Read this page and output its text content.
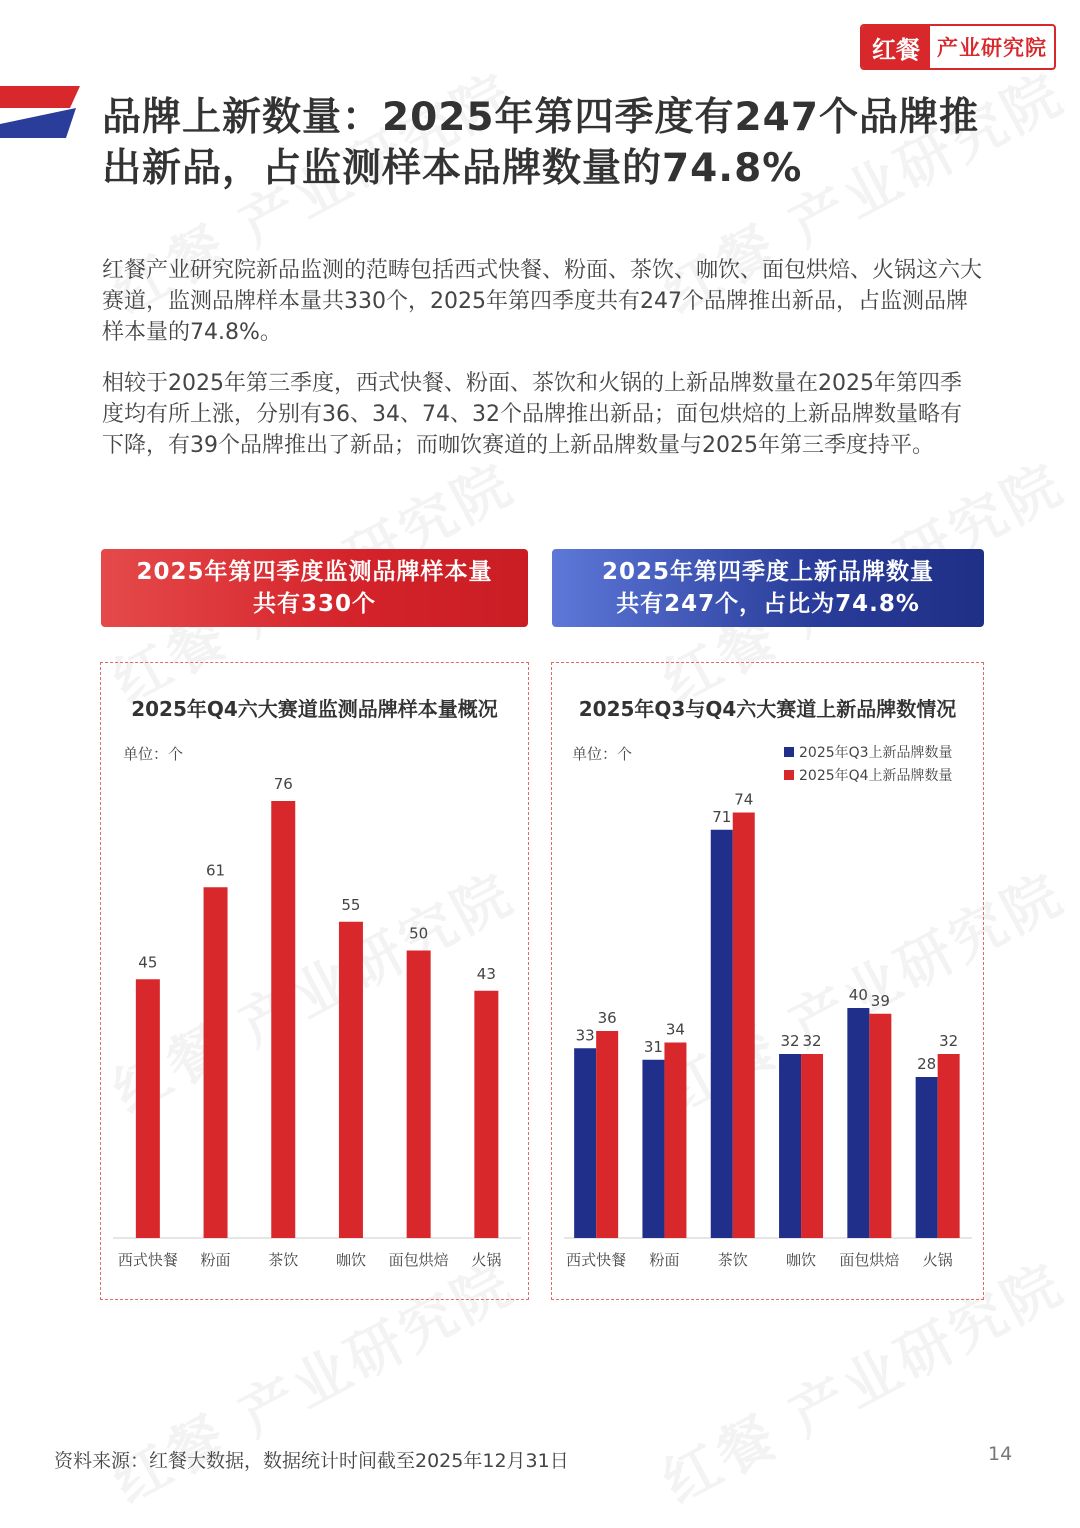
红餐 产业研究院
品牌上新数量：2025年第四季度有247个品牌推出新品，占监测样本品牌数量的74.8%

红餐产业研究院新品监测的范畴包括西式快餐、粉面、茶饮、咖饮、面包烘焙、火锅这六大赛道，监测品牌样本量共330个，2025年第四季度共有247个品牌推出新品，占监测品牌样本量的74.8%。

相较于2025年第三季度，西式快餐、粉面、茶饮和火锅的上新品牌数量在2025年第四季度均有所上涨，分别有36、34、74、32个品牌推出新品；面包烘焙的上新品牌数量略有下降，有39个品牌推出了新品；而咖饮赛道的上新品牌数量与2025年第三季度持平。

2025年第四季度监测品牌样本量
共有330个
2025年第四季度上新品牌数量
共有247个，占比为74.8%
2025年Q4六大赛道监测品牌样本量概况
单位：个
45
西式快餐
61
粉面
76
茶饮
55
咖饮
50
面包烘焙
43
火锅
2025年Q3与Q4六大赛道上新品牌数情况
单位：个	2025年Q3上新品牌数量
2025年Q4上新品牌数量
33
36
西式快餐
31
34
粉面
71
74
茶饮
32 32
咖饮
40 39
面包烘焙
28
32
火锅
资料来源：红餐大数据，数据统计时间截至2025年12月31日	14
